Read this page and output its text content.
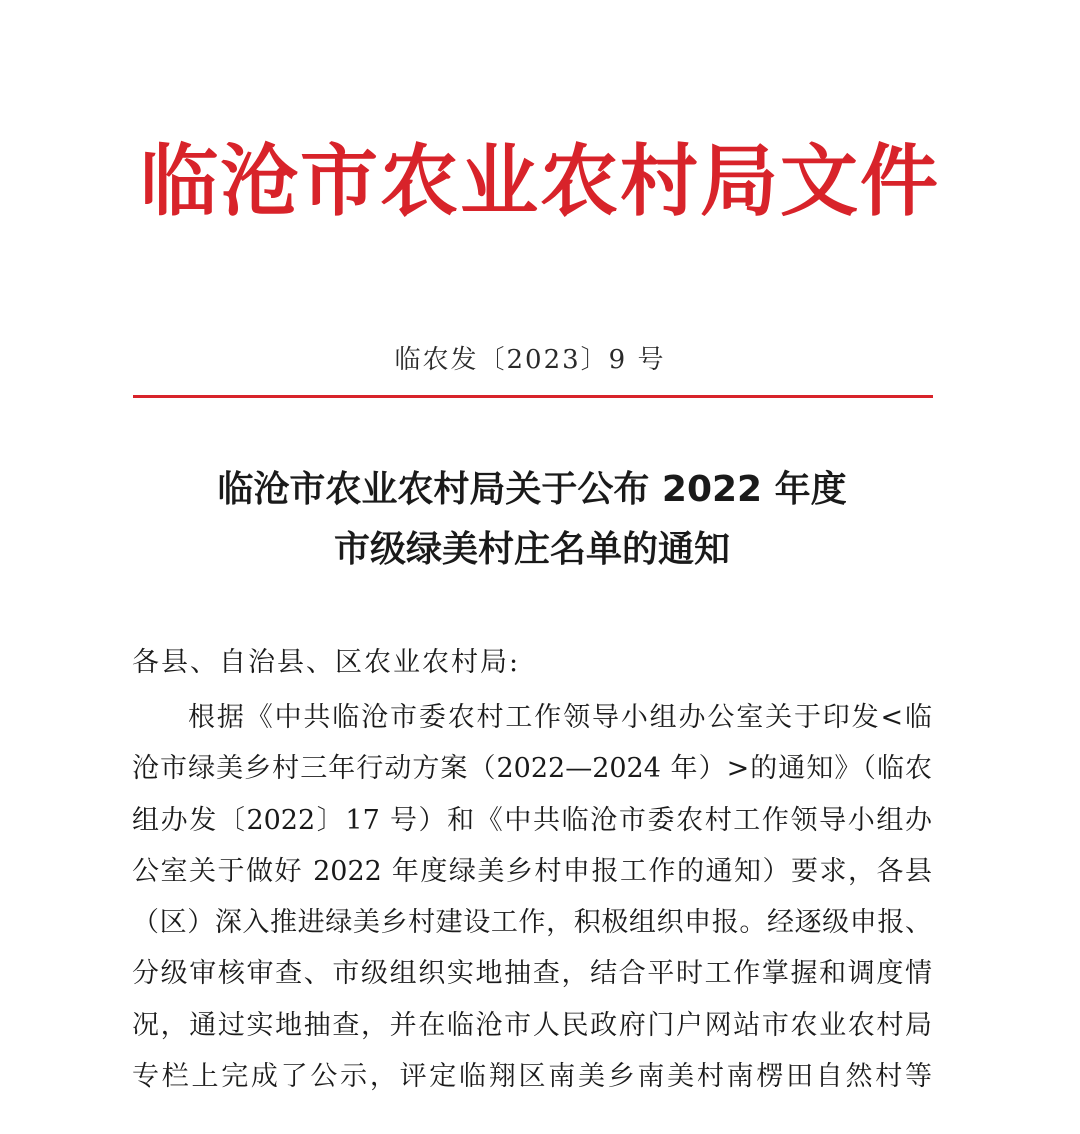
临沧市农业农村局文件
临农发〔2023〕9 号
临沧市农业农村局关于公布 2022 年度
市级绿美村庄名单的通知
各县、自治县、区农业农村局:
根据《中共临沧市委农村工作领导小组办公室关于印发<临
沧市绿美乡村三年行动方案（2022—2024 年）>的通知》（临农
组办发〔2022〕17 号）和《中共临沧市委农村工作领导小组办
公室关于做好 2022 年度绿美乡村申报工作的通知）要求，各县
（区）深入推进绿美乡村建设工作，积极组织申报。经逐级申报、
分级审核审查、市级组织实地抽查，结合平时工作掌握和调度情
况，通过实地抽查，并在临沧市人民政府门户网站市农业农村局
专栏上完成了公示，评定临翔区南美乡南美村南楞田自然村等
